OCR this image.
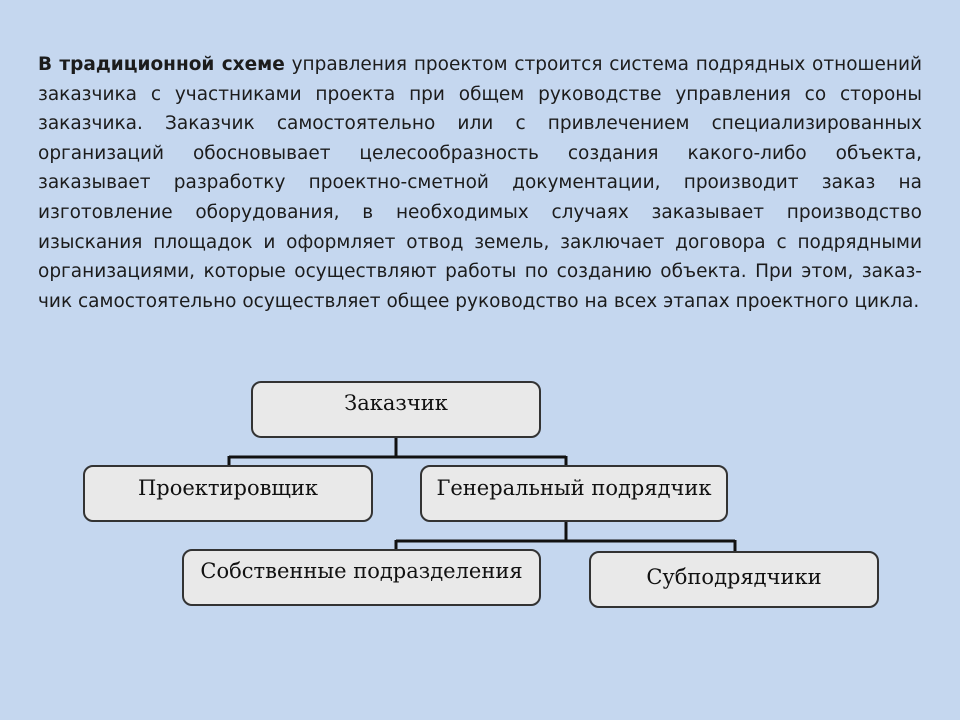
В традиционной схеме управления проектом строится система подрядных отношений заказчика с участниками проекта при общем руководстве управления со стороны заказчика. Заказчик самостоятельно или с привлечением специализированных организаций обосновывает целесообразность создания какого-либо объекта, заказывает разработку проектно-сметной документации, производит заказ на изготовление оборудования, в необходимых случаях заказывает производство изыскания площадок и оформляет отвод земель, заключает договора с подрядными организациями, которые осуществляют работы по созданию объекта. При этом, заказ-чик самостоятельно осуществляет общее руководство на всех этапах проектного цикла.
Заказчик
Проектировщик	Генеральный подрядчик
Собственные подразделения	Субподрядчики
